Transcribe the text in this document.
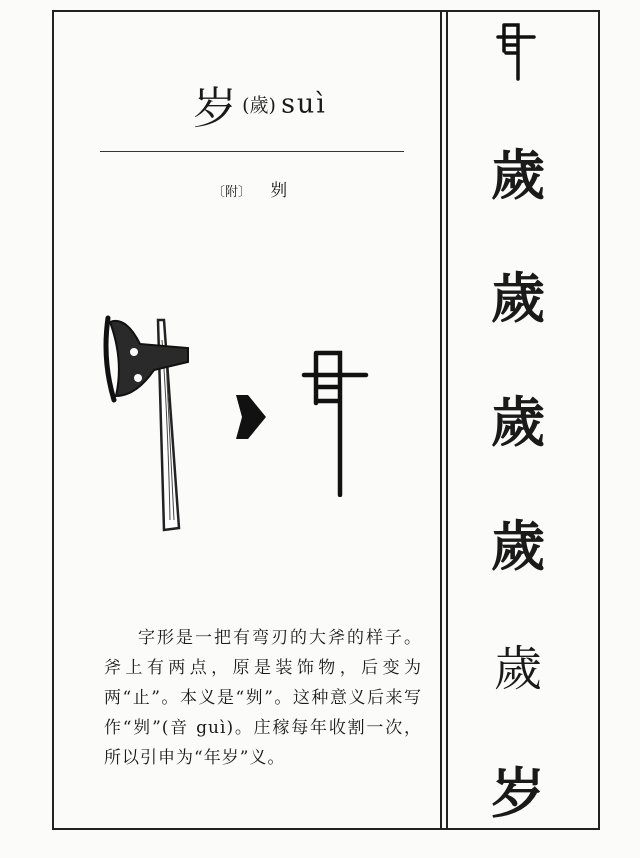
岁 (歲) suì
〔附〕 刿
字形是一把有弯刃的大斧的样子。斧上有两点，原是装饰物，后变为两“止”。本义是“刿”。这种意义后来写作“刿”(音 guì)。庄稼每年收割一次，所以引申为“年岁”义。
歲
歲
歲
歲
歲
岁
